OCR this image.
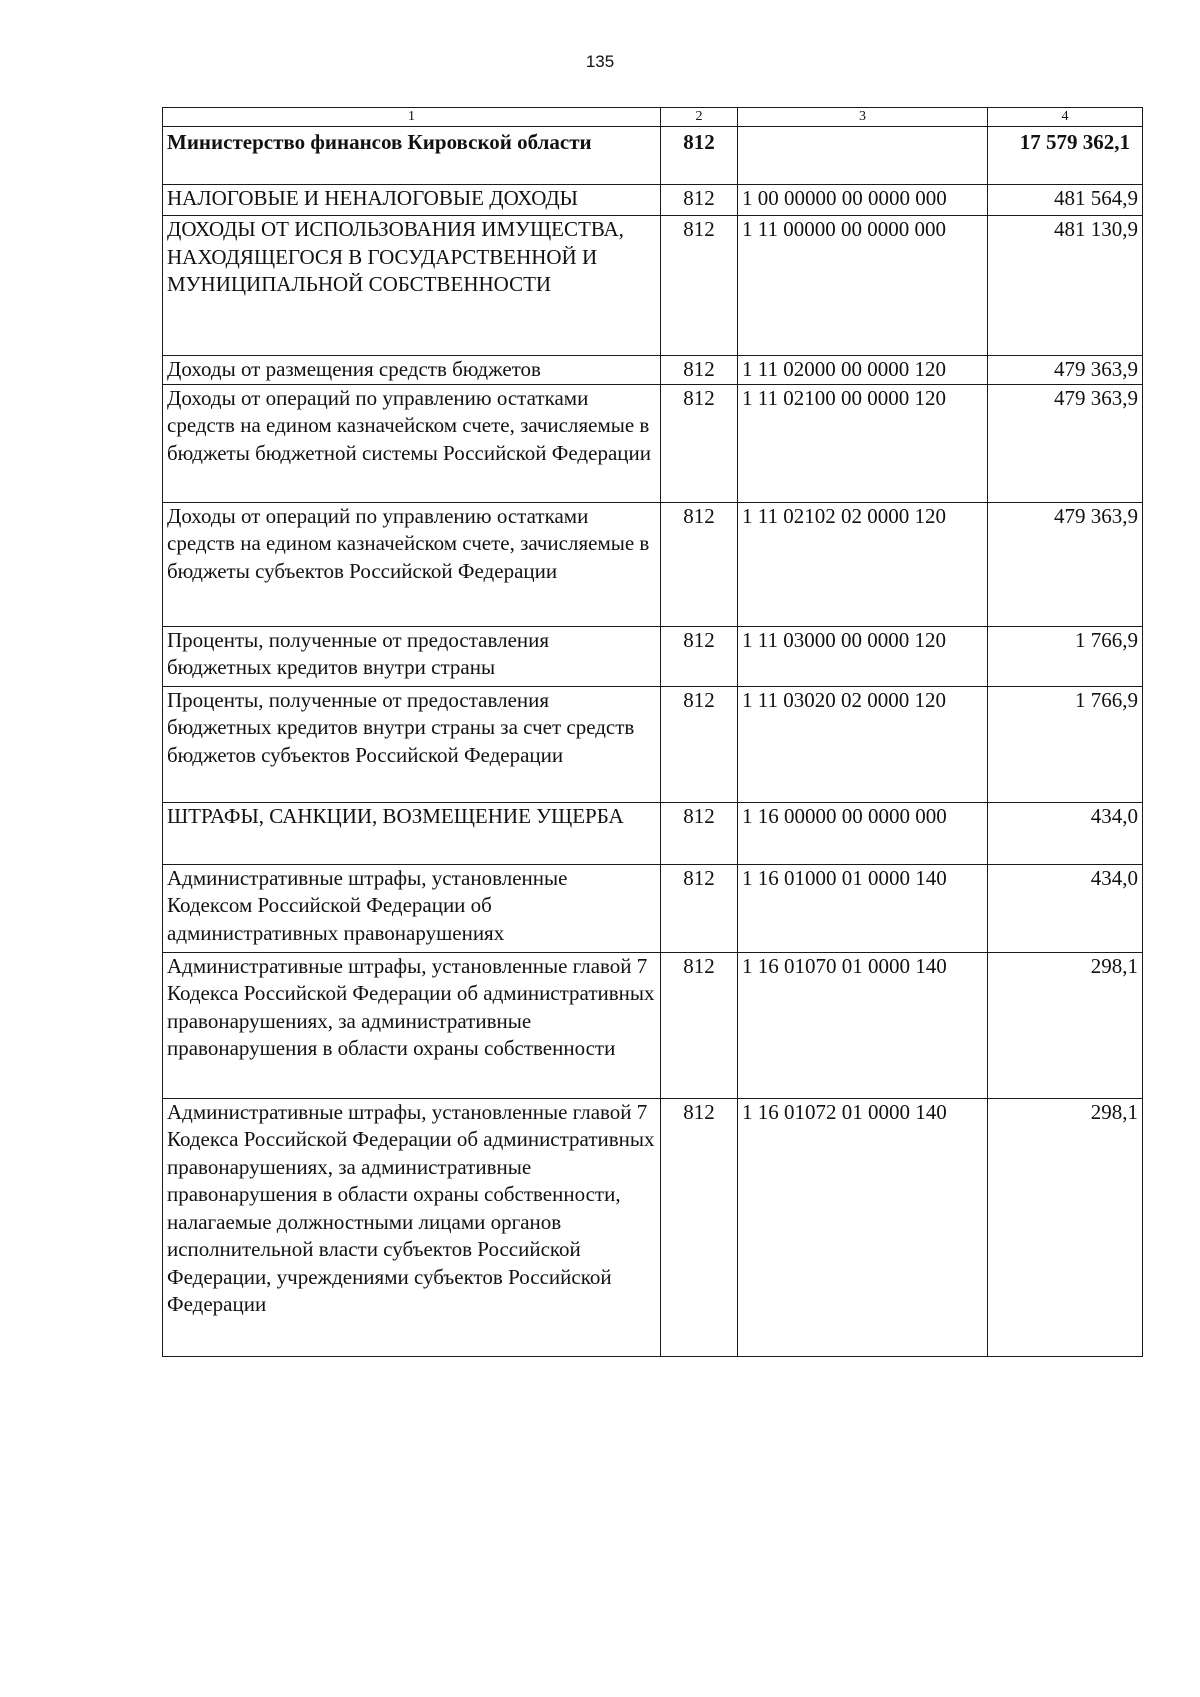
135
1	2	3	4
Министерство финансов Кировской области	812		17 579 362,1
НАЛОГОВЫЕ И НЕНАЛОГОВЫЕ ДОХОДЫ	812	1 00 00000 00 0000 000	481 564,9
ДОХОДЫ ОТ ИСПОЛЬЗОВАНИЯ ИМУЩЕСТВА, НАХОДЯЩЕГОСЯ В ГОСУДАРСТВЕННОЙ И МУНИЦИПАЛЬНОЙ СОБСТВЕННОСТИ	812	1 11 00000 00 0000 000	481 130,9
Доходы от размещения средств бюджетов	812	1 11 02000 00 0000 120	479 363,9
Доходы от операций по управлению остатками средств на едином казначейском счете, зачисляемые в бюджеты бюджетной системы Российской Федерации	812	1 11 02100 00 0000 120	479 363,9
Доходы от операций по управлению остатками средств на едином казначейском счете, зачисляемые в бюджеты субъектов Российской Федерации	812	1 11 02102 02 0000 120	479 363,9
Проценты, полученные от предоставления бюджетных кредитов внутри страны	812	1 11 03000 00 0000 120	1 766,9
Проценты, полученные от предоставления бюджетных кредитов внутри страны за счет средств бюджетов субъектов Российской Федерации	812	1 11 03020 02 0000 120	1 766,9
ШТРАФЫ, САНКЦИИ, ВОЗМЕЩЕНИЕ УЩЕРБА	812	1 16 00000 00 0000 000	434,0
Административные штрафы, установленные Кодексом Российской Федерации об административных правонарушениях	812	1 16 01000 01 0000 140	434,0
Административные штрафы, установленные главой 7 Кодекса Российской Федерации об административных правонарушениях, за административные правонарушения в области охраны собственности	812	1 16 01070 01 0000 140	298,1
Административные штрафы, установленные главой 7 Кодекса Российской Федерации об административных правонарушениях, за административные правонарушения в области охраны собственности, налагаемые должностными лицами органов исполнительной власти субъектов Российской Федерации, учреждениями субъектов Российской Федерации	812	1 16 01072 01 0000 140	298,1
